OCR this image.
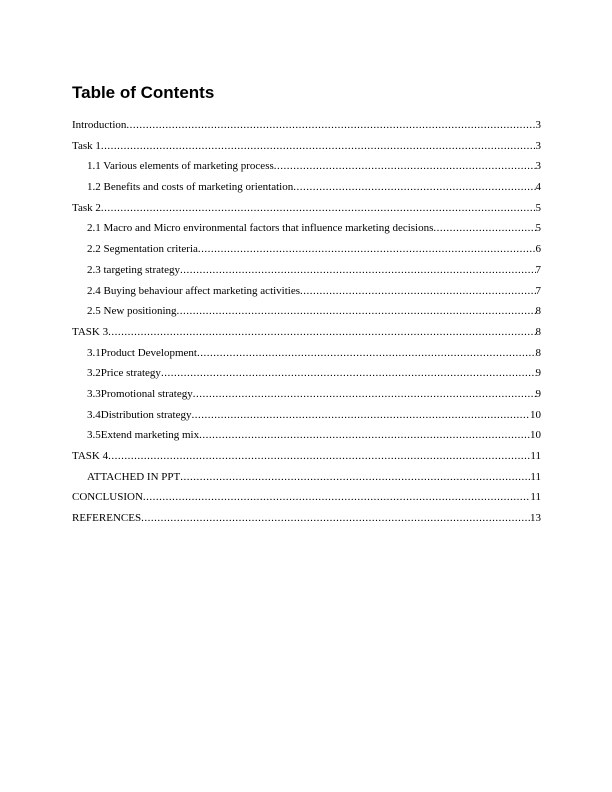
Table of Contents
Introduction .....	3
Task 1 .....	3
1.1 Various elements of marketing process .....	3
1.2 Benefits and costs of marketing orientation .....	4
Task 2 .....	5
2.1 Macro and Micro environmental factors that influence marketing decisions .....	5
2.2 Segmentation criteria .....	6
2.3 targeting strategy .....	7
2.4 Buying behaviour affect marketing activities .....	7
2.5 New positioning .....	8
TASK 3 .....	8
3.1Product Development .....	8
3.2Price strategy .....	9
3.3Promotional strategy .....	9
3.4Distribution strategy .....	10
3.5Extend marketing mix .....	10
TASK 4 .....	11
ATTACHED IN PPT .....	11
CONCLUSION .....	11
REFERENCES .....	13
